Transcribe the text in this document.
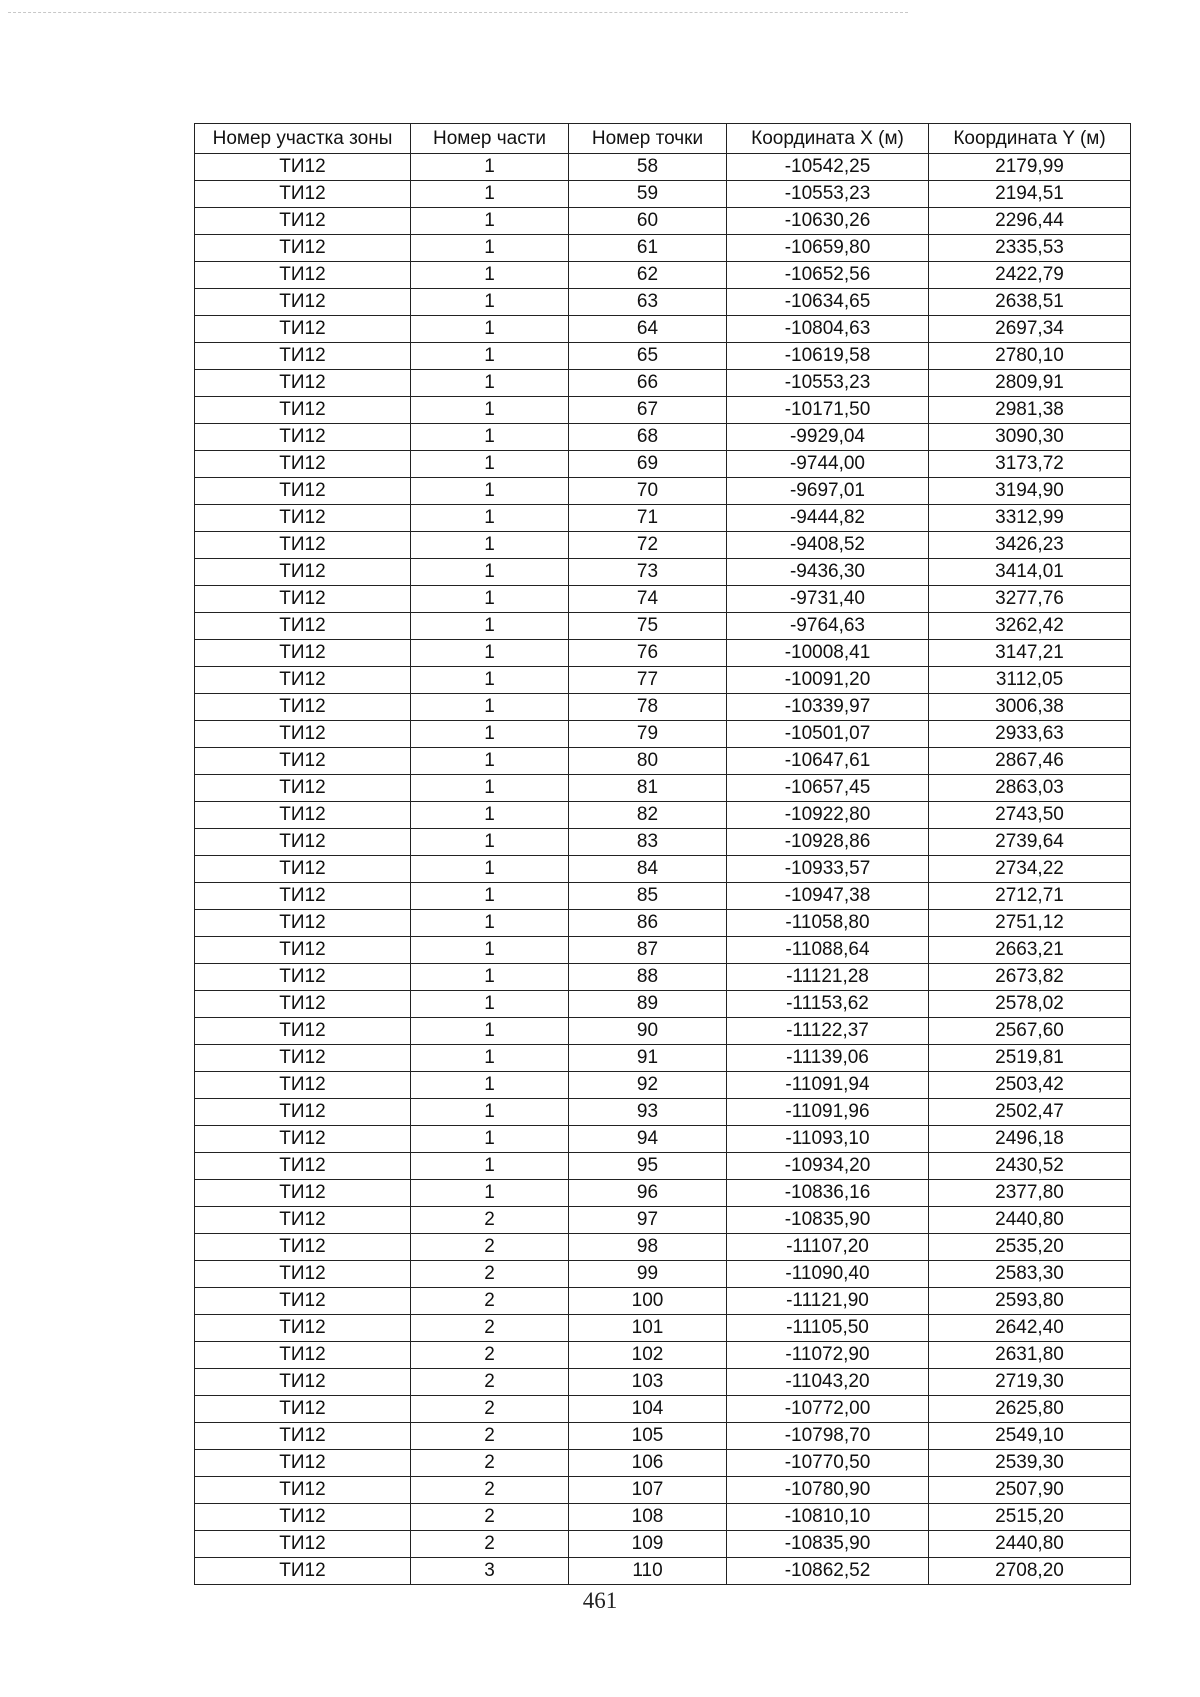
Номер участка зоны	Номер части	Номер точки	Координата X (м)	Координата Y (м)
ТИ12	1	58	-10542,25	2179,99
ТИ12	1	59	-10553,23	2194,51
ТИ12	1	60	-10630,26	2296,44
ТИ12	1	61	-10659,80	2335,53
ТИ12	1	62	-10652,56	2422,79
ТИ12	1	63	-10634,65	2638,51
ТИ12	1	64	-10804,63	2697,34
ТИ12	1	65	-10619,58	2780,10
ТИ12	1	66	-10553,23	2809,91
ТИ12	1	67	-10171,50	2981,38
ТИ12	1	68	-9929,04	3090,30
ТИ12	1	69	-9744,00	3173,72
ТИ12	1	70	-9697,01	3194,90
ТИ12	1	71	-9444,82	3312,99
ТИ12	1	72	-9408,52	3426,23
ТИ12	1	73	-9436,30	3414,01
ТИ12	1	74	-9731,40	3277,76
ТИ12	1	75	-9764,63	3262,42
ТИ12	1	76	-10008,41	3147,21
ТИ12	1	77	-10091,20	3112,05
ТИ12	1	78	-10339,97	3006,38
ТИ12	1	79	-10501,07	2933,63
ТИ12	1	80	-10647,61	2867,46
ТИ12	1	81	-10657,45	2863,03
ТИ12	1	82	-10922,80	2743,50
ТИ12	1	83	-10928,86	2739,64
ТИ12	1	84	-10933,57	2734,22
ТИ12	1	85	-10947,38	2712,71
ТИ12	1	86	-11058,80	2751,12
ТИ12	1	87	-11088,64	2663,21
ТИ12	1	88	-11121,28	2673,82
ТИ12	1	89	-11153,62	2578,02
ТИ12	1	90	-11122,37	2567,60
ТИ12	1	91	-11139,06	2519,81
ТИ12	1	92	-11091,94	2503,42
ТИ12	1	93	-11091,96	2502,47
ТИ12	1	94	-11093,10	2496,18
ТИ12	1	95	-10934,20	2430,52
ТИ12	1	96	-10836,16	2377,80
ТИ12	2	97	-10835,90	2440,80
ТИ12	2	98	-11107,20	2535,20
ТИ12	2	99	-11090,40	2583,30
ТИ12	2	100	-11121,90	2593,80
ТИ12	2	101	-11105,50	2642,40
ТИ12	2	102	-11072,90	2631,80
ТИ12	2	103	-11043,20	2719,30
ТИ12	2	104	-10772,00	2625,80
ТИ12	2	105	-10798,70	2549,10
ТИ12	2	106	-10770,50	2539,30
ТИ12	2	107	-10780,90	2507,90
ТИ12	2	108	-10810,10	2515,20
ТИ12	2	109	-10835,90	2440,80
ТИ12	3	110	-10862,52	2708,20
461
